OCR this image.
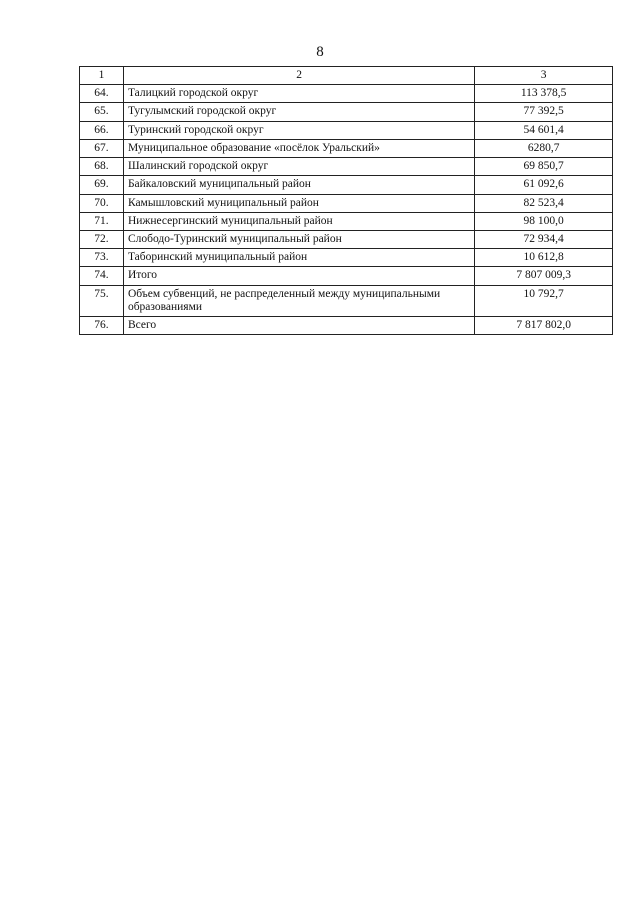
8
1	2	3
64.	Талицкий городской округ	113 378,5
65.	Тугулымский городской округ	77 392,5
66.	Туринский городской округ	54 601,4
67.	Муниципальное образование «посёлок Уральский»	6280,7
68.	Шалинский городской округ	69 850,7
69.	Байкаловский муниципальный район	61 092,6
70.	Камышловский муниципальный район	82 523,4
71.	Нижнесергинский муниципальный район	98 100,0
72.	Слободо-Туринский муниципальный район	72 934,4
73.	Таборинский муниципальный район	10 612,8
74.	Итого	7 807 009,3
75.	Объем субвенций, не распределенный между муниципальными образованиями	10 792,7
76.	Всего	7 817 802,0
